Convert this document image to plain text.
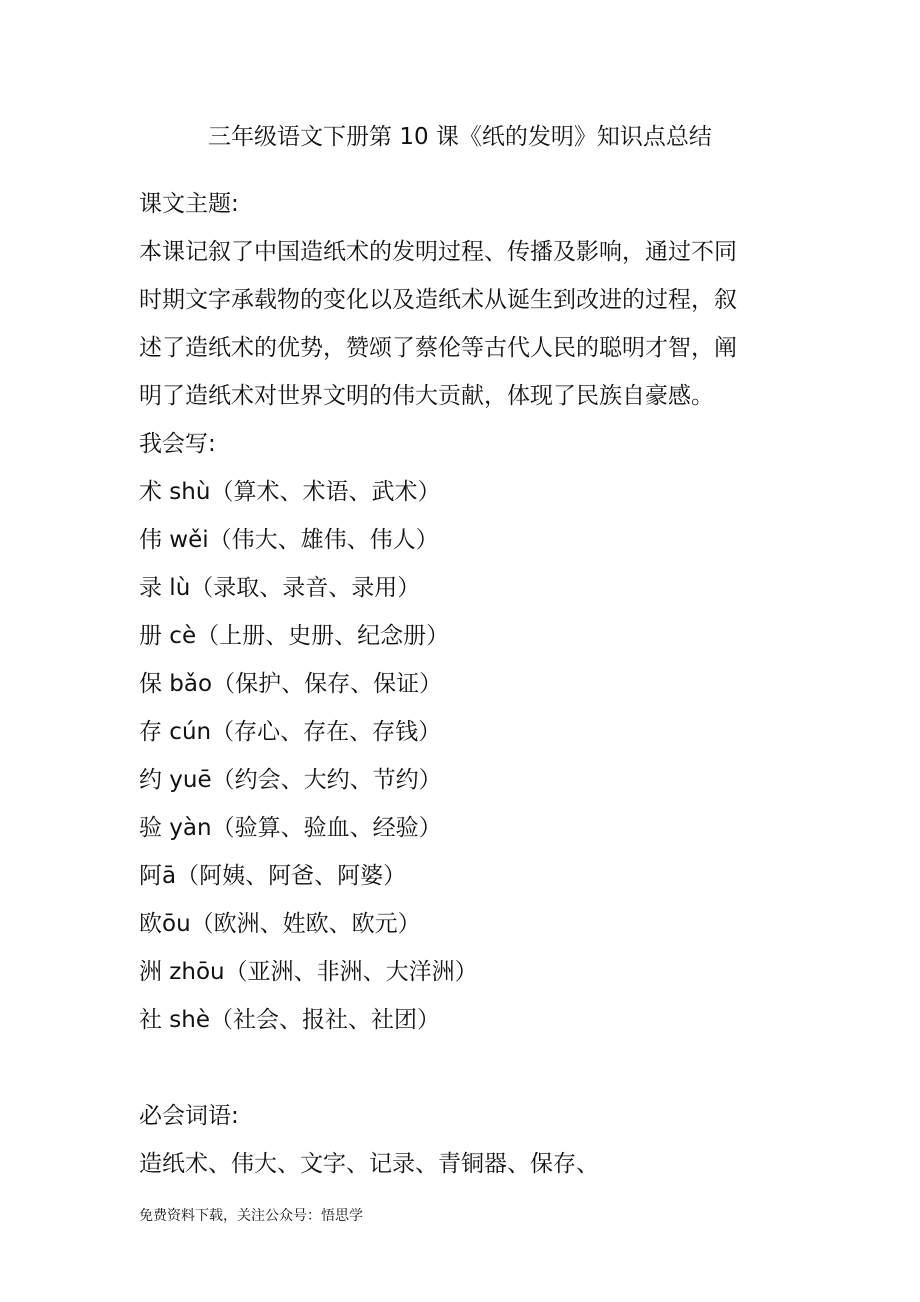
三年级语文下册第 10 课《纸的发明》知识点总结
课文主题:
本课记叙了中国造纸术的发明过程、传播及影响，通过不同
时期文字承载物的变化以及造纸术从诞生到改进的过程，叙
述了造纸术的优势，赞颂了蔡伦等古代人民的聪明才智，阐
明了造纸术对世界文明的伟大贡献，体现了民族自豪感。
我会写:
术 shù（算术、术语、武术）
伟 wěi（伟大、雄伟、伟人）
录 lù（录取、录音、录用）
册 cè（上册、史册、纪念册）
保 bǎo（保护、保存、保证）
存 cún（存心、存在、存钱）
约 yuē（约会、大约、节约）
验 yàn（验算、验血、经验）
阿ā（阿姨、阿爸、阿婆）
欧ōu（欧洲、姓欧、欧元）
洲 zhōu（亚洲、非洲、大洋洲）
社 shè（社会、报社、社团）
必会词语:
造纸术、伟大、文字、记录、青铜器、保存、
免费资料下载，关注公众号：悟思学
